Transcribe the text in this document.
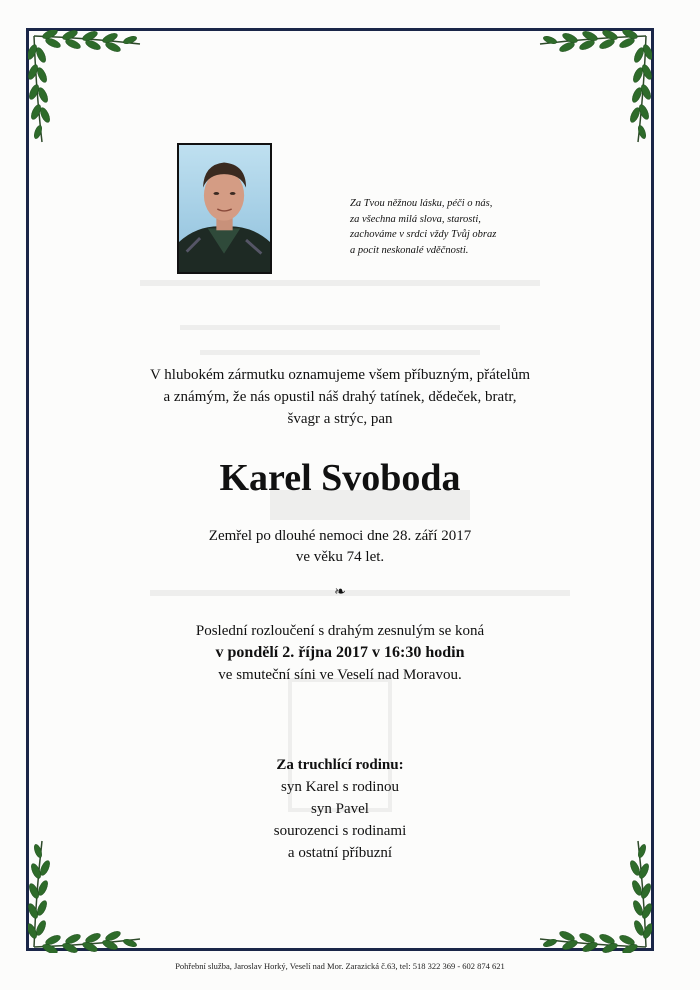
Za Tvou něžnou lásku, péči o nás,
za všechna milá slova, starosti,
zachováme v srdci vždy Tvůj obraz
a pocit neskonalé vděčnosti.
V hlubokém zármutku oznamujeme všem příbuzným, přátelům
a známým, že nás opustil náš drahý tatínek, dědeček, bratr,
švagr a strýc, pan
Karel Svoboda
Zemřel po dlouhé nemoci dne 28. září 2017
ve věku 74 let.
❧
Poslední rozloučení s drahým zesnulým se koná
v pondělí 2. října 2017 v 16:30 hodin
ve smuteční síni ve Veselí nad Moravou.
Za truchlící rodinu:
syn Karel s rodinou
syn Pavel
sourozenci s rodinami
a ostatní příbuzní
Pohřební služba, Jaroslav Horký, Veselí nad Mor. Zarazická č.63, tel: 518 322 369 - 602 874 621
